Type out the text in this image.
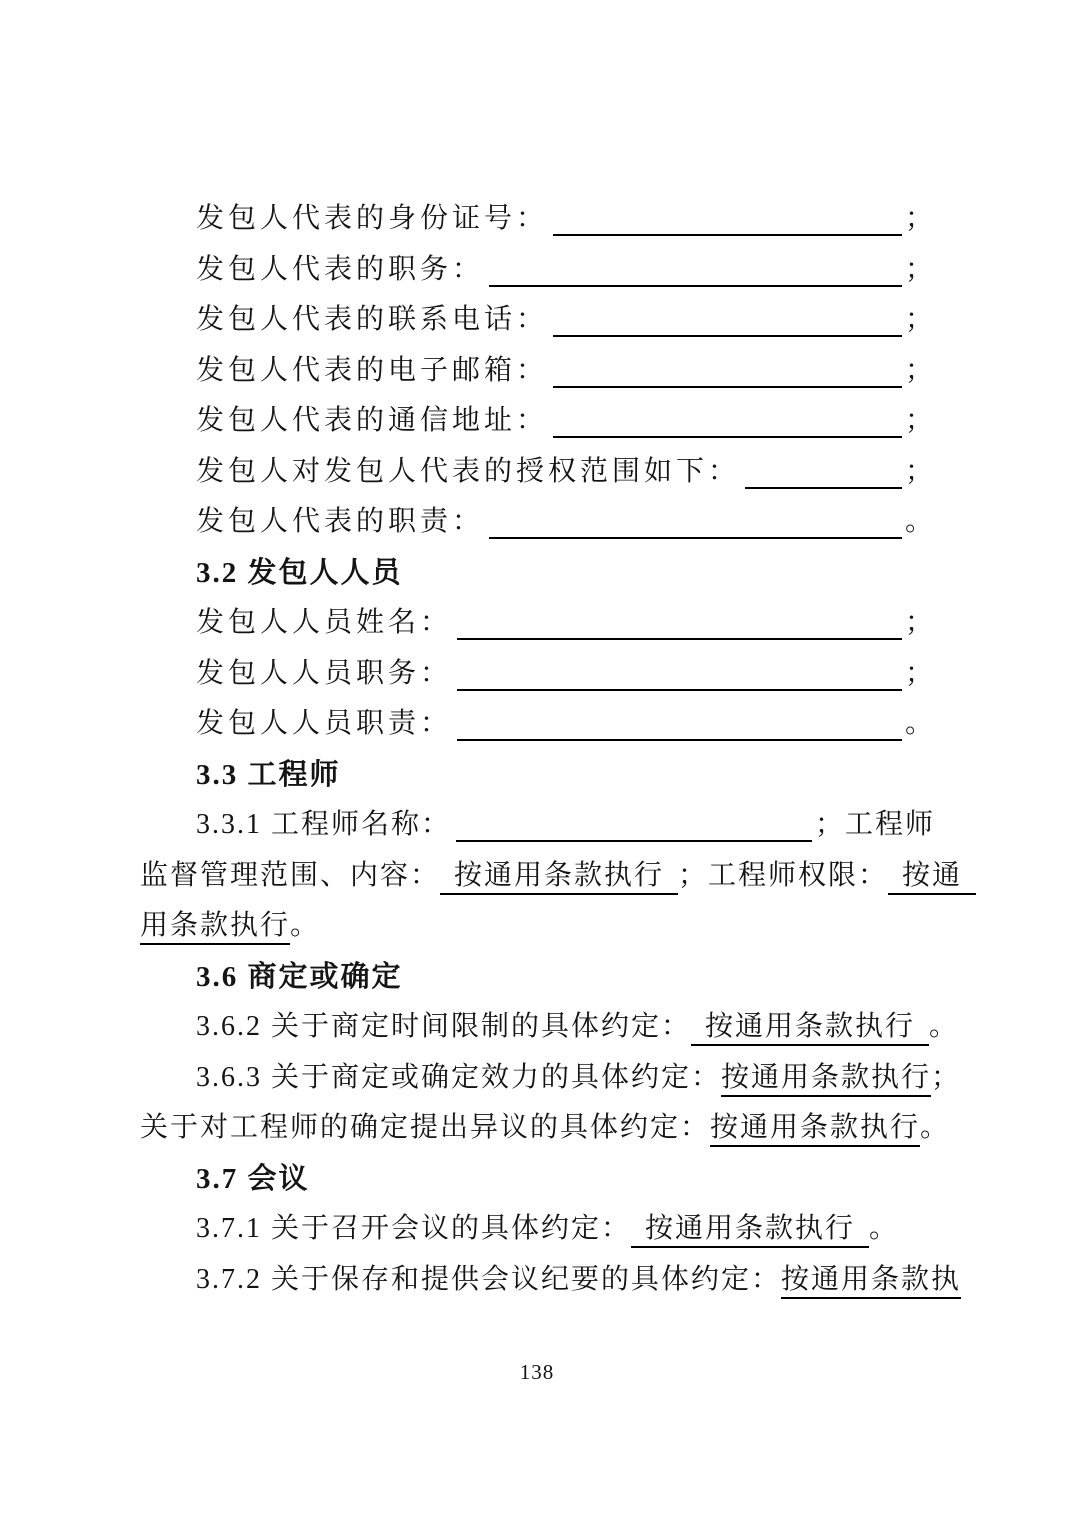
发包人代表的身份证号：	；
发包人代表的职务：	；
发包人代表的联系电话：	；
发包人代表的电子邮箱：	；
发包人代表的通信地址：	；
发包人对发包人代表的授权范围如下：	；
发包人代表的职责：	。
3.2 发包人人员
发包人人员姓名：	；
发包人人员职务：	；
发包人人员职责：	。
3.3 工程师
3.3.1 工程师名称：	；工程师
监督管理范围、内容： 按通用条款执行 ；工程师权限： 按通
用条款执行。
3.6 商定或确定
3.6.2 关于商定时间限制的具体约定： 按通用条款执行 。
3.6.3 关于商定或确定效力的具体约定：按通用条款执行；
关于对工程师的确定提出异议的具体约定：按通用条款执行。
3.7 会议
3.7.1 关于召开会议的具体约定： 按通用条款执行 。
3.7.2 关于保存和提供会议纪要的具体约定：按通用条款执
138
